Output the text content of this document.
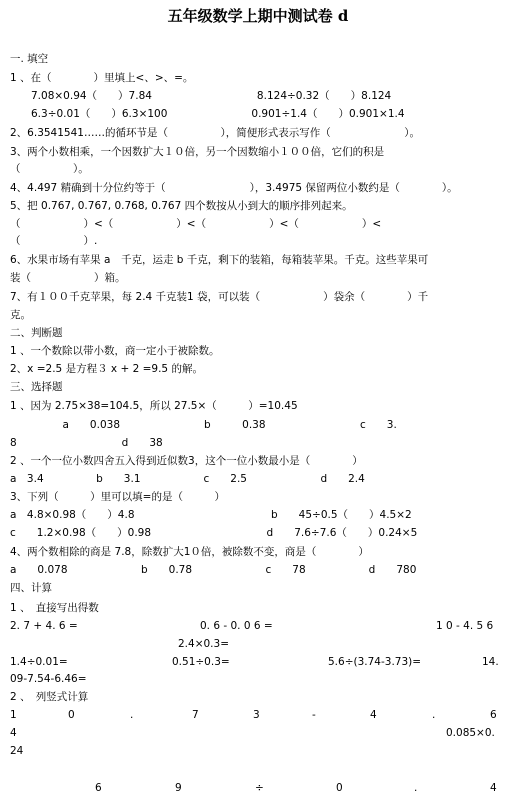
五年级数学上期中测试卷 d
一. 填空
1 、在（　　　　）里填上<、>、=。
　　7.08×0.94（　　）7.84　　　　　　　　　　8.124÷0.32（　　）8.124
　　6.3÷0.01（　　）6.3×100　　　　　　　　0.901÷1.4（　　）0.901×1.4
2、6.3541541……的循环节是（　　　　　），简便形式表示写作（　　　　　　　）。
3、两个小数相乘，一个因数扩大１０倍，另一个因数缩小１００倍，它们的积是
（　　　　　）。
4、4.497 精确到十分位约等于（　　　　　　　　），3.4975 保留两位小数约是（　　　　）。
5、把 0.767, 0.767, 0.768, 0.767 四个数按从小到大的顺序排列起来。
（　　　　　　）<（　　　　　　）<（　　　　　　）<（　　　　　　）<
（　　　　　　）.
6、水果市场有苹果 a　千克，运走 b 千克，剩下的装箱，每箱装苹果。千克。这些苹果可
装（　　　　　　）箱。
7、有１００千克苹果，每 2.4 千克装1 袋，可以装（　　　　　　）袋余（　　　　）千
克。
二、判断题
1 、一个数除以带小数，商一定小于被除数。
2、x =2.5 是方程３ x + 2 =9.5 的解。
三、选择题
1 、因为 2.75×38=104.5，所以 27.5×（　　　）=10.45
　　　　　a　　0.038　　　　　　　　b　　　0.38　　　　　　　　　c　　3.
8　　　　　　　　　　d　　38
2 、一个一位小数四舍五入得到近似数3，这个一位小数最小是（　　　　）
a　3.4　　　　　b　　3.1　　　　　　c　　2.5　　　　　　　d　　2.4
3、下列（　　　）里可以填=的是（　　　）
a　4.8×0.98（　　）4.8　　　　　　　　　　　　　b　　45÷0.5（　　）4.5×2
c　　1.2×0.98（　　）0.98　　　　　　　　　　　d　　7.6÷7.6（　　）0.24×5
4、两个数相除的商是 7.8，除数扩大1０倍，被除数不变，商是（　　　　）
a　　0.078　　　　　　　b　　0.78　　　　　　　c　　78　　　　　　d　　780
四、计算
1 、　直接写出得数
2. 7 + 4. 6 =	0. 6 - 0. 0 6 =	1 0 - 4. 5 6
2.4×0.3=
1.4÷0.01=	0.51÷0.3=	5.6÷(3.74-3.73)=	14.
09-7.54-6.46=
2 、　列竖式计算
1	0	.	7	3	-	4	.	6
4	0.085×0.
24
6	9	÷	0	.	4
